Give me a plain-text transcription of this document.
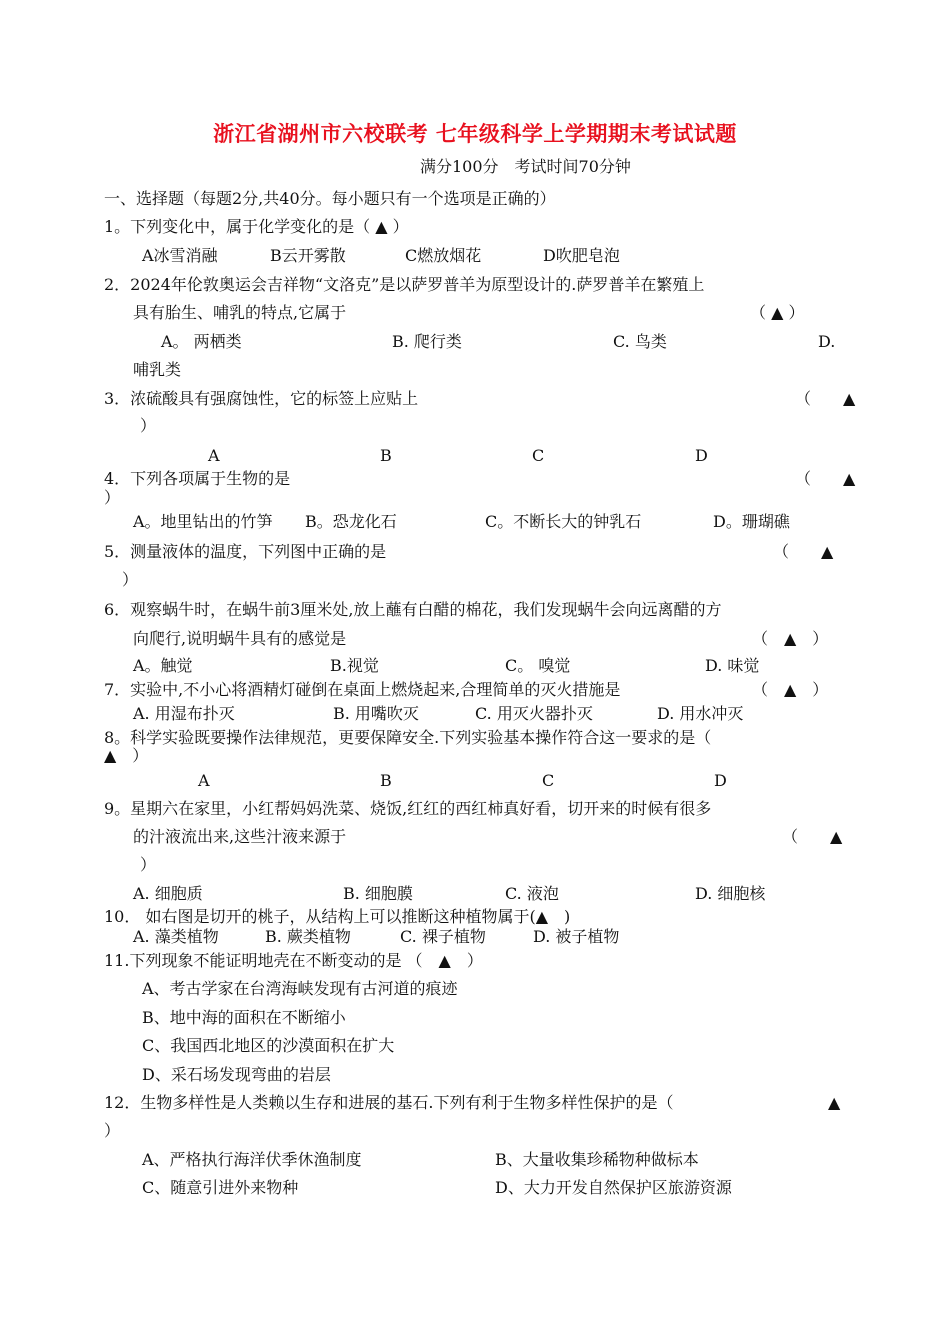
浙江省湖州市六校联考 七年级科学上学期期末考试试题
满分100分　考试时间70分钟
一、选择题（每题2分,共40分。每小题只有一个选项是正确的）
1。下列变化中，属于化学变化的是（ ▲ ）
A冰雪消融	B云开雾散	C燃放烟花	D吹肥皂泡
2．2024年伦敦奥运会吉祥物“文洛克”是以萨罗普羊为原型设计的.萨罗普羊在繁殖上
具有胎生、哺乳的特点,它属于	（ ▲ ）
A。 两栖类	B. 爬行类	C. 鸟类	D.
哺乳类
3．浓硫酸具有强腐蚀性，它的标签上应贴上	（　　▲
）
A	B	C	D
4．下列各项属于生物的是	（　　▲
）
A。地里钻出的竹笋 B。恐龙化石	C。不断长大的钟乳石	D。珊瑚礁
5．测量液体的温度，下列图中正确的是	（　　▲
）
6．观察蜗牛时，在蜗牛前3厘米处,放上蘸有白醋的棉花，我们发现蜗牛会向远离醋的方
向爬行,说明蜗牛具有的感觉是	（　▲　）
A。触觉	B.视觉	C。 嗅觉	D. 味觉
7．实验中,不小心将酒精灯碰倒在桌面上燃烧起来,合理简单的灭火措施是	（　▲　）
A. 用湿布扑灭	B. 用嘴吹灭	C. 用灭火器扑灭	D. 用水冲灭
8。科学实验既要操作法律规范，更要保障安全.下列实验基本操作符合这一要求的是（
▲　）
A	B	C	D
9。星期六在家里，小红帮妈妈洗菜、烧饭,红红的西红柿真好看，切开来的时候有很多
的汁液流出来,这些汁液来源于	（　　▲
）
A. 细胞质	B. 细胞膜	C. 液泡	D. 细胞核
10． 如右图是切开的桃子，从结构上可以推断这种植物属于(▲　)
A. 藻类植物	B. 蕨类植物	C. 裸子植物	D. 被子植物
11.下列现象不能证明地壳在不断变动的是 （　▲　）
A、考古学家在台湾海峡发现有古河道的痕迹
B、地中海的面积在不断缩小
C、我国西北地区的沙漠面积在扩大
D、采石场发现弯曲的岩层
12．生物多样性是人类赖以生存和进展的基石.下列有利于生物多样性保护的是（	▲
）
A、严格执行海洋伏季休渔制度	B、大量收集珍稀物种做标本
C、随意引进外来物种	D、大力开发自然保护区旅游资源
